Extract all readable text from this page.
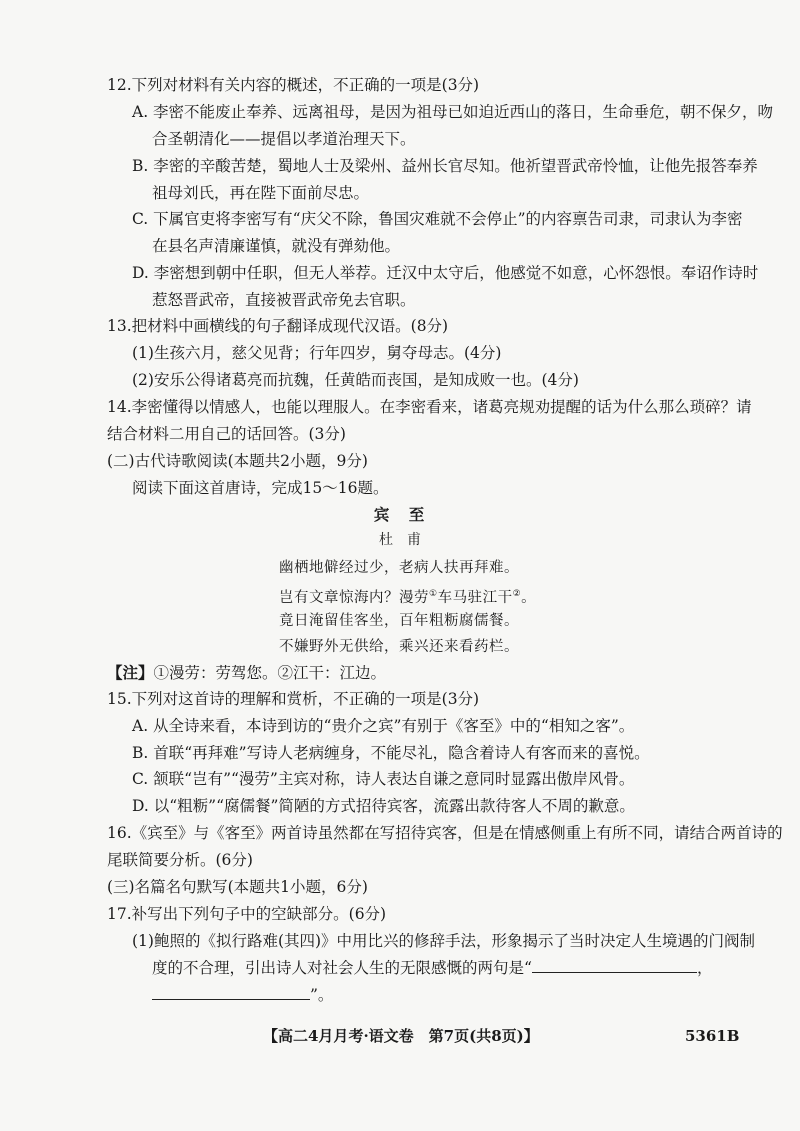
12.下列对材料有关内容的概述，不正确的一项是(3分)
A. 李密不能废止奉养、远离祖母，是因为祖母已如迫近西山的落日，生命垂危，朝不保夕，吻
合圣朝清化——提倡以孝道治理天下。
B. 李密的辛酸苦楚，蜀地人士及梁州、益州长官尽知。他祈望晋武帝怜恤，让他先报答奉养
祖母刘氏，再在陛下面前尽忠。
C. 下属官吏将李密写有“庆父不除，鲁国灾难就不会停止”的内容禀告司隶，司隶认为李密
在县名声清廉谨慎，就没有弹劾他。
D. 李密想到朝中任职，但无人举荐。迁汉中太守后，他感觉不如意，心怀怨恨。奉诏作诗时
惹怒晋武帝，直接被晋武帝免去官职。
13.把材料中画横线的句子翻译成现代汉语。(8分)
(1)生孩六月，慈父见背；行年四岁，舅夺母志。(4分)
(2)安乐公得诸葛亮而抗魏，任黄皓而丧国，是知成败一也。(4分)
14.李密懂得以情感人，也能以理服人。在李密看来，诸葛亮规劝提醒的话为什么那么琐碎？请
结合材料二用自己的话回答。(3分)
(二)古代诗歌阅读(本题共2小题，9分)
阅读下面这首唐诗，完成15～16题。
宾　至
杜　甫
幽栖地僻经过少，老病人扶再拜难。
岂有文章惊海内？漫劳①车马驻江干②。
竟日淹留佳客坐，百年粗粝腐儒餐。
不嫌野外无供给，乘兴还来看药栏。
【注】①漫劳：劳驾您。②江干：江边。
15.下列对这首诗的理解和赏析，不正确的一项是(3分)
A. 从全诗来看，本诗到访的“贵介之宾”有别于《客至》中的“相知之客”。
B. 首联“再拜难”写诗人老病缠身，不能尽礼，隐含着诗人有客而来的喜悦。
C. 颔联“岂有”“漫劳”主宾对称，诗人表达自谦之意同时显露出傲岸风骨。
D. 以“粗粝”“腐儒餐”简陋的方式招待宾客，流露出款待客人不周的歉意。
16.《宾至》与《客至》两首诗虽然都在写招待宾客，但是在情感侧重上有所不同，请结合两首诗的
尾联简要分析。(6分)
(三)名篇名句默写(本题共1小题，6分)
17.补写出下列句子中的空缺部分。(6分)
(1)鲍照的《拟行路难(其四)》中用比兴的修辞手法，形象揭示了当时决定人生境遇的门阀制
度的不合理，引出诗人对社会人生的无限感慨的两句是“	，
”。
【高二4月月考·语文卷　第7页(共8页)】	5361B
